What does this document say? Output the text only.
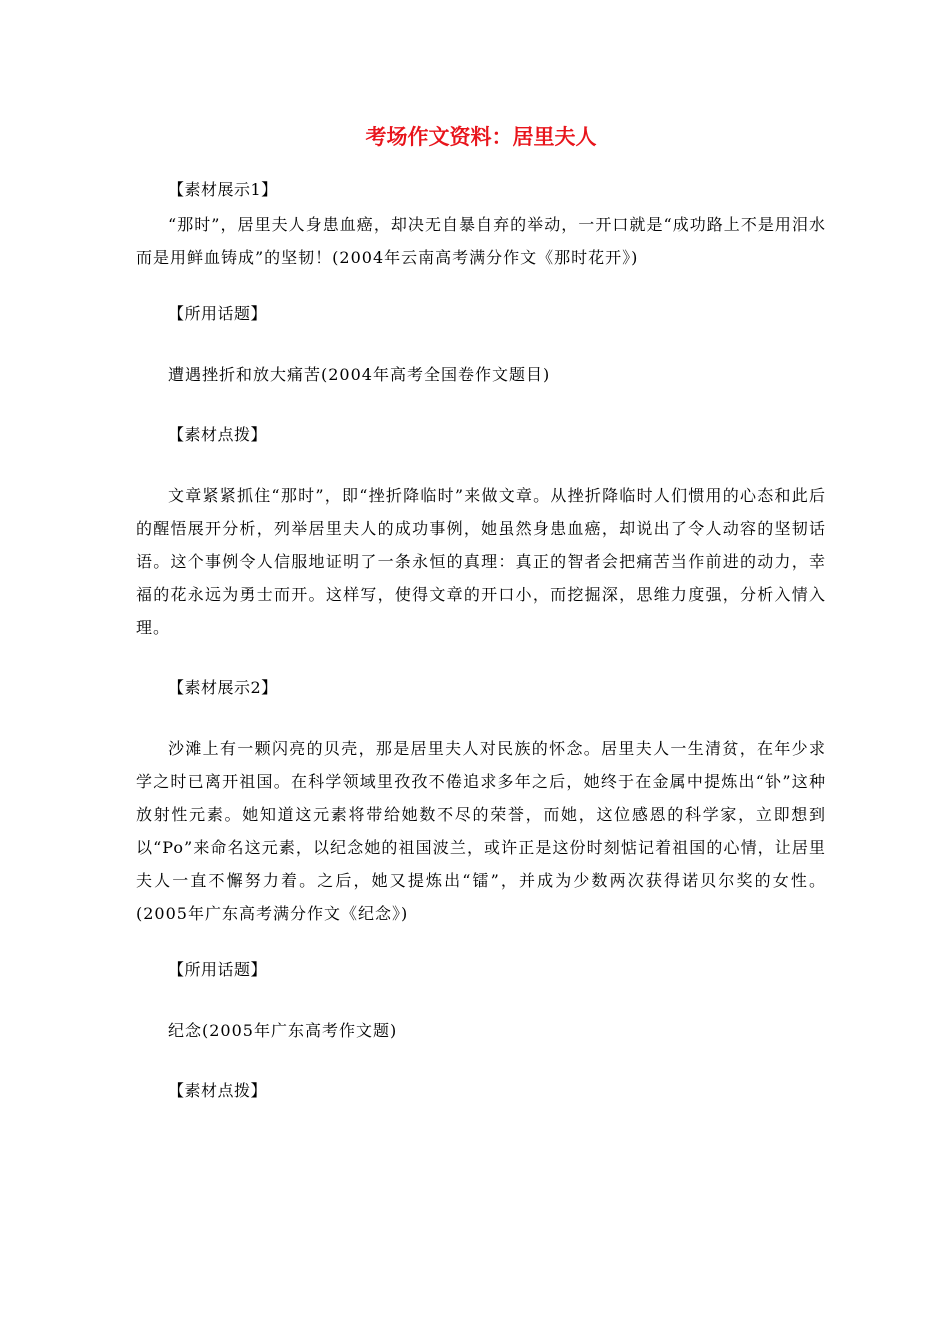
考场作文资料：居里夫人

【素材展示1】

“那时”，居里夫人身患血癌，却决无自暴自弃的举动，一开口就是“成功路上不是用泪水而是用鲜血铸成”的坚韧！(2004年云南高考满分作文《那时花开》)

【所用话题】

遭遇挫折和放大痛苦(2004年高考全国卷作文题目)

【素材点拨】

文章紧紧抓住“那时”，即“挫折降临时”来做文章。从挫折降临时人们惯用的心态和此后的醒悟展开分析，列举居里夫人的成功事例，她虽然身患血癌，却说出了令人动容的坚韧话语。这个事例令人信服地证明了一条永恒的真理：真正的智者会把痛苦当作前进的动力，幸福的花永远为勇士而开。这样写，使得文章的开口小，而挖掘深，思维力度强，分析入情入理。

【素材展示2】

沙滩上有一颗闪亮的贝壳，那是居里夫人对民族的怀念。居里夫人一生清贫，在年少求学之时已离开祖国。在科学领域里孜孜不倦追求多年之后，她终于在金属中提炼出“钋”这种放射性元素。她知道这元素将带给她数不尽的荣誉，而她，这位感恩的科学家，立即想到以“Po”来命名这元素，以纪念她的祖国波兰，或许正是这份时刻惦记着祖国的心情，让居里夫人一直不懈努力着。之后，她又提炼出“镭”，并成为少数两次获得诺贝尔奖的女性。(2005年广东高考满分作文《纪念》)

【所用话题】

纪念(2005年广东高考作文题)

【素材点拨】
